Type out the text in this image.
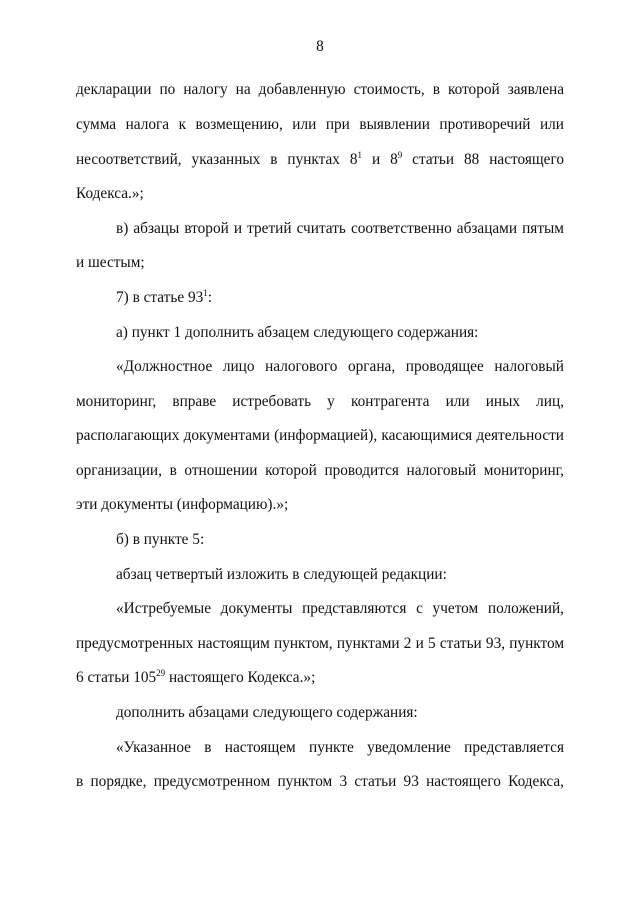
8
декларации по налогу на добавленную стоимость, в которой заявлена
сумма налога к возмещению, или при выявлении противоречий или
несоответствий, указанных в пунктах $8^1$ и $8^9$ статьи 88 настоящего
Кодекса.»;
в) абзацы второй и третий считать соответственно абзацами пятым
и шестым;
7) в статье $93^1$:
а) пункт 1 дополнить абзацем следующего содержания:
«Должностное лицо налогового органа, проводящее налоговый
мониторинг, вправе истребовать у контрагента или иных лиц,
располагающих документами (информацией), касающимися деятельности
организации, в отношении которой проводится налоговый мониторинг,
эти документы (информацию).»;
б) в пункте 5:
абзац четвертый изложить в следующей редакции:
«Истребуемые документы представляются с учетом положений,
предусмотренных настоящим пунктом, пунктами 2 и 5 статьи 93, пунктом
6 статьи $105^{29}$ настоящего Кодекса.»;
дополнить абзацами следующего содержания:
«Указанное в настоящем пункте уведомление представляется
в порядке, предусмотренном пунктом 3 статьи 93 настоящего Кодекса,
